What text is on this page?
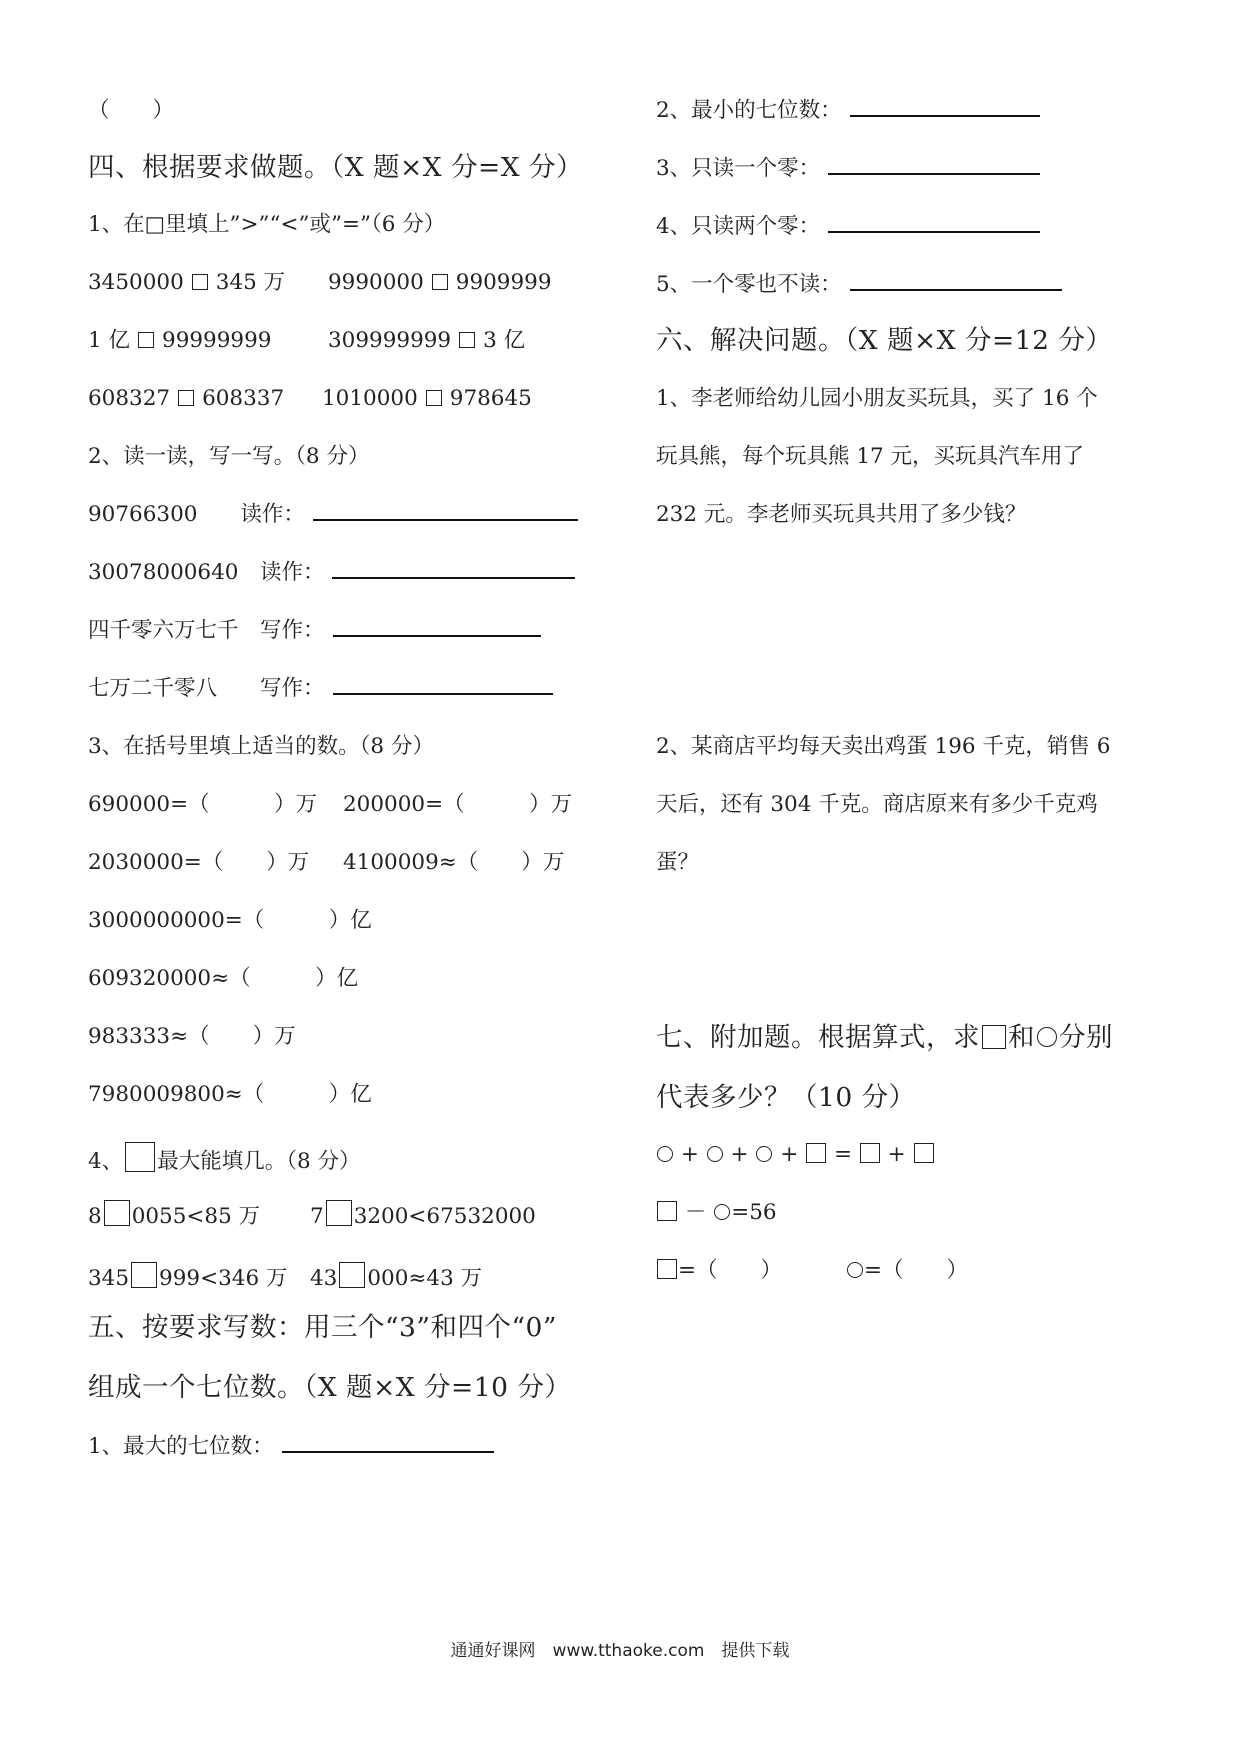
（　　）
四、根据要求做题。（X 题×X 分=X 分）
1、在□里填上”>”“<”或”=”（6 分）
3450000 345 万 9990000 9909999
1 亿 99999999	309999999 3 亿
608327 608337 1010000 978645
2、读一读，写一写。（8 分）
90766300　　读作：
30078000640　读作：
四千零六万七千　写作：
七万二千零八　　写作：
3、在括号里填上适当的数。（8 分）
690000=（　　　）万 200000=（　　　）万
2030000=（　　）万 4100009≈（　　）万
3000000000=（　　　）亿
609320000≈（　　　）亿
983333≈（　　）万
7980009800≈（　　　）亿
4、 最大能填几。（8 分）
8 0055<85 万 7 3200<67532000
345 999<346 万 43 000≈43 万
五、按要求写数：用三个“3”和四个“0”
组成一个七位数。（X 题×X 分=10 分）
1、最大的七位数：
2、最小的七位数：
3、只读一个零：
4、只读两个零：
5、一个零也不读：
六、解决问题。（X 题×X 分=12 分）
1、李老师给幼儿园小朋友买玩具，买了 16 个
玩具熊，每个玩具熊 17 元，买玩具汽车用了
232 元。李老师买玩具共用了多少钱？
2、某商店平均每天卖出鸡蛋 196 千克，销售 6
天后，还有 304 千克。商店原来有多少千克鸡
蛋？
七、附加题。根据算式，求 和 分别
代表多少？（10 分）
+ + + = +
－ =56
=（　　）	=（　　）
通通好课网　www.tthaoke.com　提供下载
